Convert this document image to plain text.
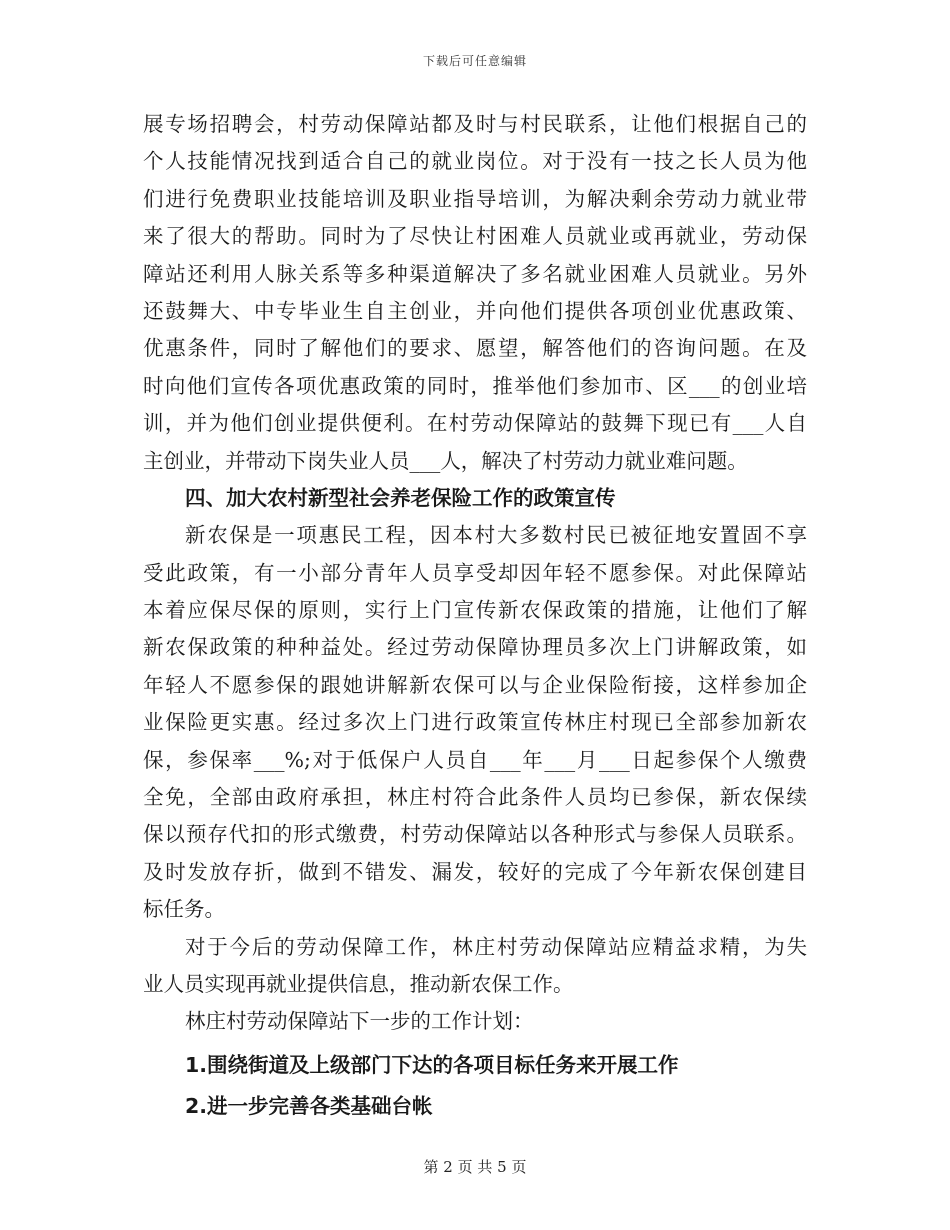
下载后可任意编辑
展专场招聘会，村劳动保障站都及时与村民联系，让他们根据自己的
个人技能情况找到适合自己的就业岗位。对于没有一技之长人员为他
们进行免费职业技能培训及职业指导培训，为解决剩余劳动力就业带
来了很大的帮助。同时为了尽快让村困难人员就业或再就业，劳动保
障站还利用人脉关系等多种渠道解决了多名就业困难人员就业。另外
还鼓舞大、中专毕业生自主创业，并向他们提供各项创业优惠政策、
优惠条件，同时了解他们的要求、愿望，解答他们的咨询问题。在及
时向他们宣传各项优惠政策的同时，推举他们参加市、区___的创业培
训，并为他们创业提供便利。在村劳动保障站的鼓舞下现已有___人自
主创业，并带动下岗失业人员___人，解决了村劳动力就业难问题。
四、加大农村新型社会养老保险工作的政策宣传
新农保是一项惠民工程，因本村大多数村民已被征地安置固不享
受此政策，有一小部分青年人员享受却因年轻不愿参保。对此保障站
本着应保尽保的原则，实行上门宣传新农保政策的措施，让他们了解
新农保政策的种种益处。经过劳动保障协理员多次上门讲解政策，如
年轻人不愿参保的跟她讲解新农保可以与企业保险衔接，这样参加企
业保险更实惠。经过多次上门进行政策宣传林庄村现已全部参加新农
保，参保率___%;对于低保户人员自___年___月___日起参保个人缴费
全免，全部由政府承担，林庄村符合此条件人员均已参保，新农保续
保以预存代扣的形式缴费，村劳动保障站以各种形式与参保人员联系。
及时发放存折，做到不错发、漏发，较好的完成了今年新农保创建目
标任务。
对于今后的劳动保障工作，林庄村劳动保障站应精益求精，为失
业人员实现再就业提供信息，推动新农保工作。
林庄村劳动保障站下一步的工作计划：
1.围绕街道及上级部门下达的各项目标任务来开展工作
2.进一步完善各类基础台帐
第 2 页 共 5 页
